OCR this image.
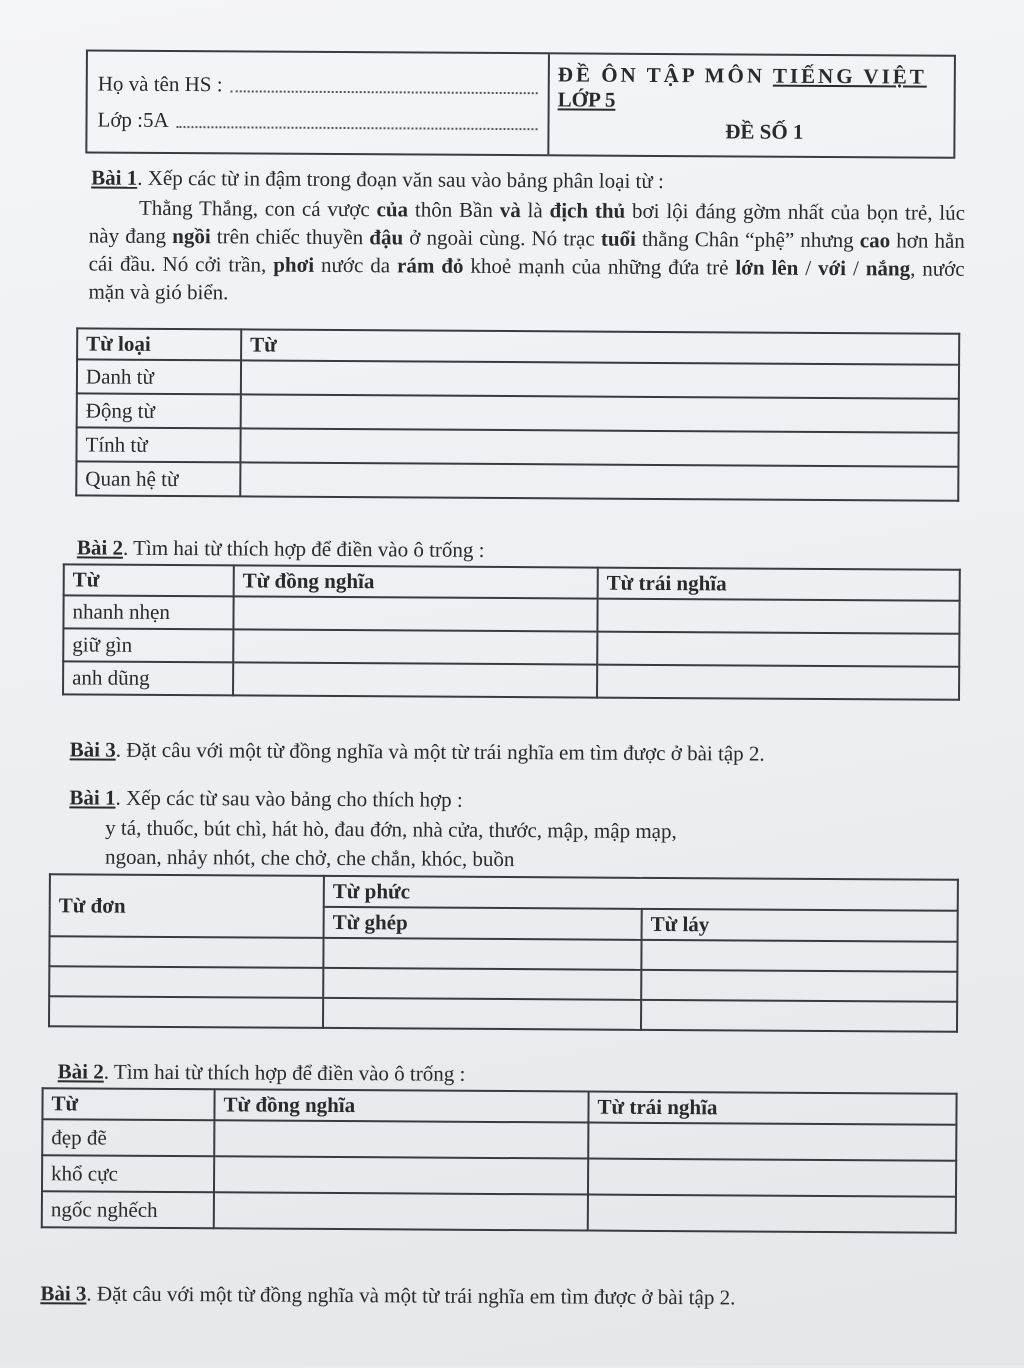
Họ và tên HS :
Lớp :5A
ĐỀ ÔN TẬP MÔN TIẾNG VIỆT
LỚP 5
ĐỀ SỐ 1
Bài 1. Xếp các từ in đậm trong đoạn văn sau vào bảng phân loại từ :
Thằng Thắng, con cá vược của thôn Bần và là địch thủ bơi lội đáng gờm nhất của bọn trẻ, lúc này đang ngồi trên chiếc thuyền đậu ở ngoài cùng. Nó trạc tuổi thằng Chân “phệ” nhưng cao hơn hẳn cái đầu. Nó cởi trần, phơi nước da rám đỏ khoẻ mạnh của những đứa trẻ lớn lên / với / nắng, nước mặn và gió biển.
Từ loại	Từ
Danh từ	
Động từ	
Tính từ	
Quan hệ từ	
Bài 2. Tìm hai từ thích hợp để điền vào ô trống :
Từ	Từ đồng nghĩa	Từ trái nghĩa
nhanh nhẹn		
giữ gìn		
anh dũng		
Bài 3. Đặt câu với một từ đồng nghĩa và một từ trái nghĩa em tìm được ở bài tập 2.
Bài 1. Xếp các từ sau vào bảng cho thích hợp :
y tá, thuốc, bút chì, hát hò, đau đớn, nhà cửa, thước, mập, mập mạp,
ngoan, nhảy nhót, che chở, che chắn, khóc, buồn
Từ đơn	Từ phức	
	Từ ghép	Từ láy

Bài 2. Tìm hai từ thích hợp để điền vào ô trống :
Từ	Từ đồng nghĩa	Từ trái nghĩa
đẹp đẽ		
khổ cực		
ngốc nghếch		
Bài 3. Đặt câu với một từ đồng nghĩa và một từ trái nghĩa em tìm được ở bài tập 2.
